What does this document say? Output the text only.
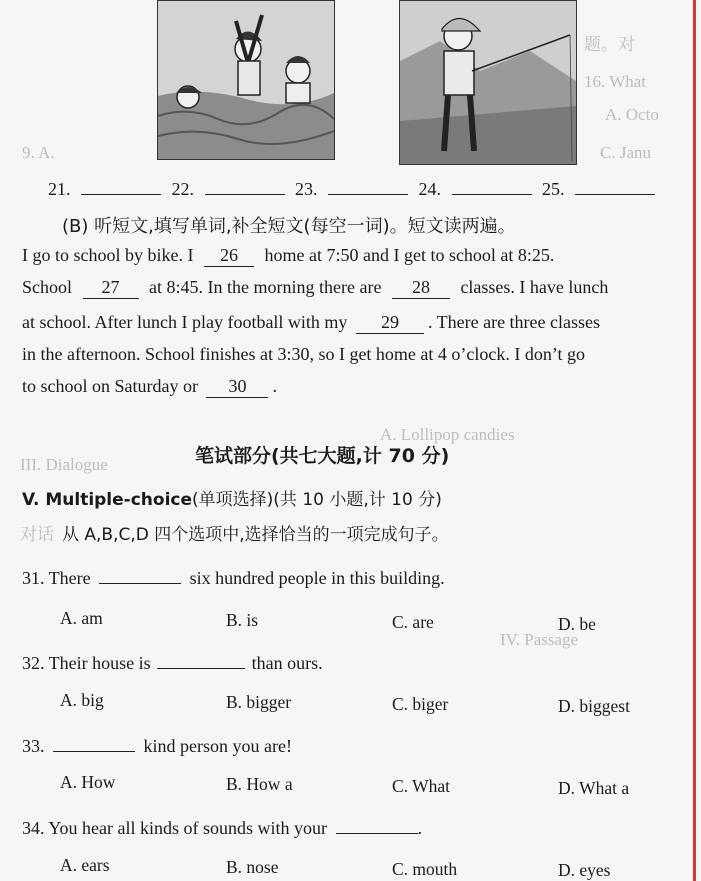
题。对
16. What
A. Octo
9. A.	C. Janu
A. Lollipop candies
III. Dialogue
对话
IV. Passage
21.	22.	23.	24.	25.
(B) 听短文,填写单词,补全短文(每空一词)。短文读两遍。
I go to school by bike. I 26 home at 7:50 and I get to school at 8:25.
School 27 at 8:45. In the morning there are 28 classes. I have lunch
at school. After lunch I play football with my 29 . There are three classes
in the afternoon. School finishes at 3:30, so I get home at 4 o’clock. I don’t go
to school on Saturday or 30 .
笔试部分(共七大题,计 70 分)
V. Multiple-choice(单项选择)(共 10 小题,计 10 分)
从 A,B,C,D 四个选项中,选择恰当的一项完成句子。
31. There	six hundred people in this building.
A. am	B. is	C. are	D. be
32. Their house is	than ours.
A. big	B. bigger	C. biger	D. biggest
33.	kind person you are!
A. How	B. How a	C. What	D. What a
34. You hear all kinds of sounds with your	.
A. ears	B. nose	C. mouth	D. eyes
